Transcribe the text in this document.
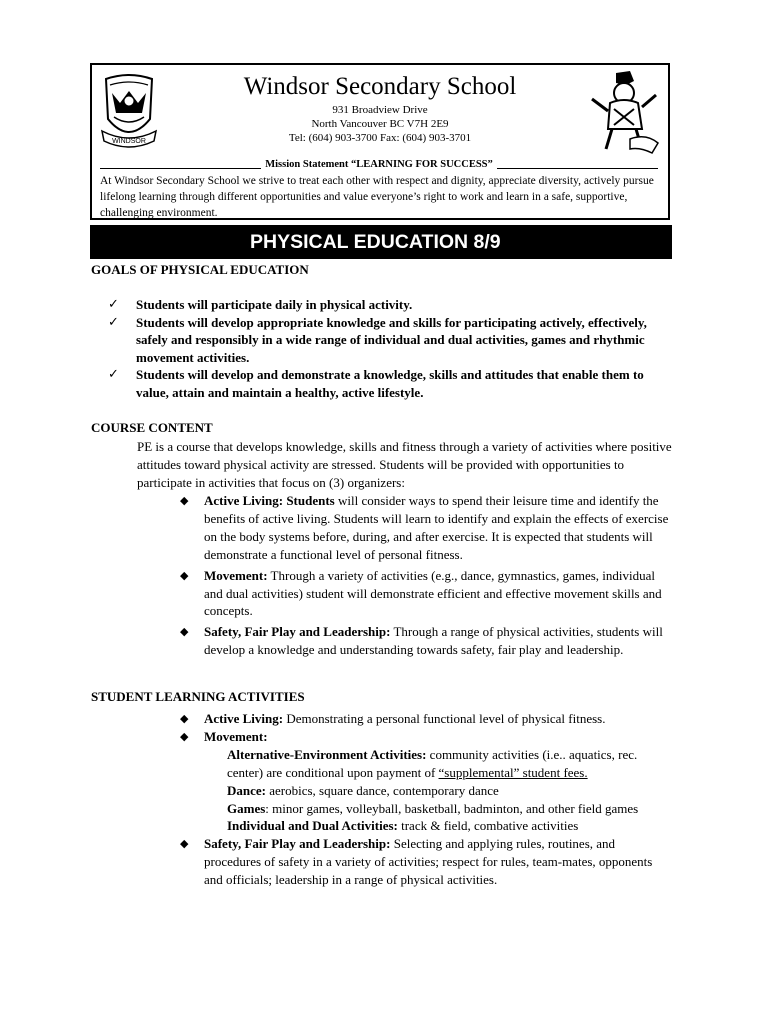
WINDSOR
Windsor Secondary School
931 Broadview Drive
North Vancouver BC V7H 2E9
Tel: (604) 903-3700 Fax: (604) 903-3701
Mission Statement “LEARNING FOR SUCCESS”
At Windsor Secondary School we strive to treat each other with respect and dignity, appreciate diversity, actively pursue lifelong learning through different opportunities and value everyone’s right to work and learn in a safe, supportive, challenging environment.
PHYSICAL EDUCATION 8/9
GOALS OF PHYSICAL EDUCATION
✓ Students will participate daily in physical activity.
✓ Students will develop appropriate knowledge and skills for participating actively, effectively, safely and responsibly in a wide range of individual and dual activities, games and rhythmic movement activities.
✓ Students will develop and demonstrate a knowledge, skills and attitudes that enable them to value, attain and maintain a healthy, active lifestyle.
COURSE CONTENT
PE is a course that develops knowledge, skills and fitness through a variety of activities where positive attitudes toward physical activity are stressed. Students will be provided with opportunities to participate in activities that focus on (3) organizers:
◆ Active Living: Students will consider ways to spend their leisure time and identify the benefits of active living. Students will learn to identify and explain the effects of exercise on the body systems before, during, and after exercise. It is expected that students will demonstrate a functional level of personal fitness.
◆ Movement: Through a variety of activities (e.g., dance, gymnastics, games, individual and dual activities) student will demonstrate efficient and effective movement skills and concepts.
◆ Safety, Fair Play and Leadership: Through a range of physical activities, students will develop a knowledge and understanding towards safety, fair play and leadership.
STUDENT LEARNING ACTIVITIES
◆ Active Living: Demonstrating a personal functional level of physical fitness.
◆ Movement:
Alternative-Environment Activities: community activities (i.e.. aquatics, rec. center) are conditional upon payment of “supplemental” student fees.
Dance: aerobics, square dance, contemporary dance
Games: minor games, volleyball, basketball, badminton, and other field games
Individual and Dual Activities: track & field, combative activities
◆ Safety, Fair Play and Leadership: Selecting and applying rules, routines, and procedures of safety in a variety of activities; respect for rules, team-mates, opponents and officials; leadership in a range of physical activities.
